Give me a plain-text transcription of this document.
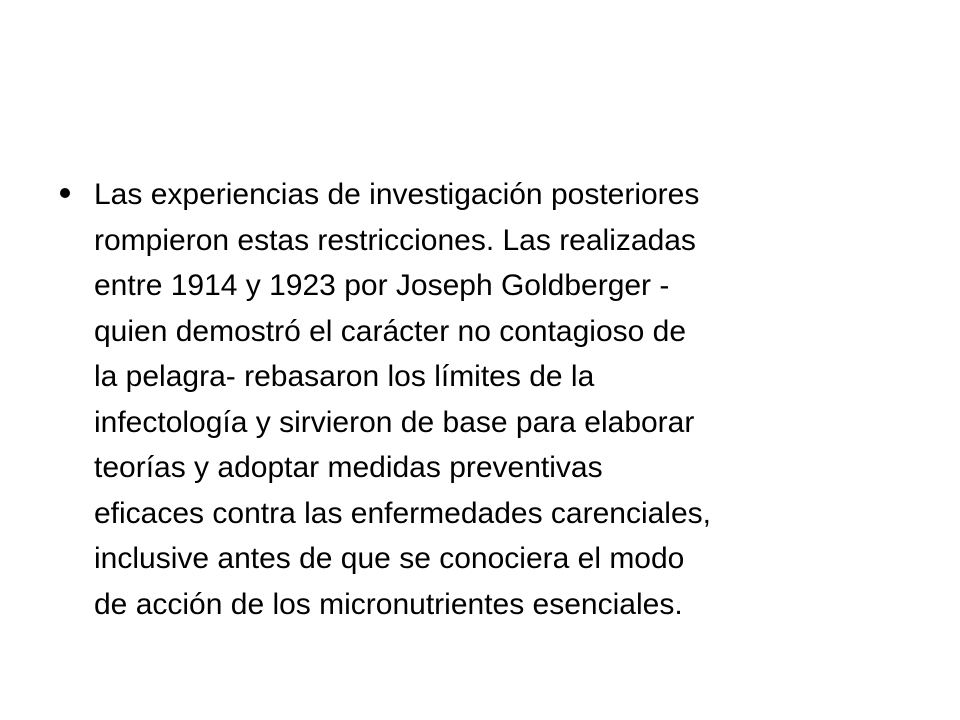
Las experiencias de investigación posteriores
rompieron estas restricciones. Las realizadas
entre 1914 y 1923 por Joseph Goldberger -
quien demostró el carácter no contagioso de
la pelagra- rebasaron los límites de la
infectología y sirvieron de base para elaborar
teorías y adoptar medidas preventivas
eficaces contra las enfermedades carenciales,
inclusive antes de que se conociera el modo
de acción de los micronutrientes esenciales.
